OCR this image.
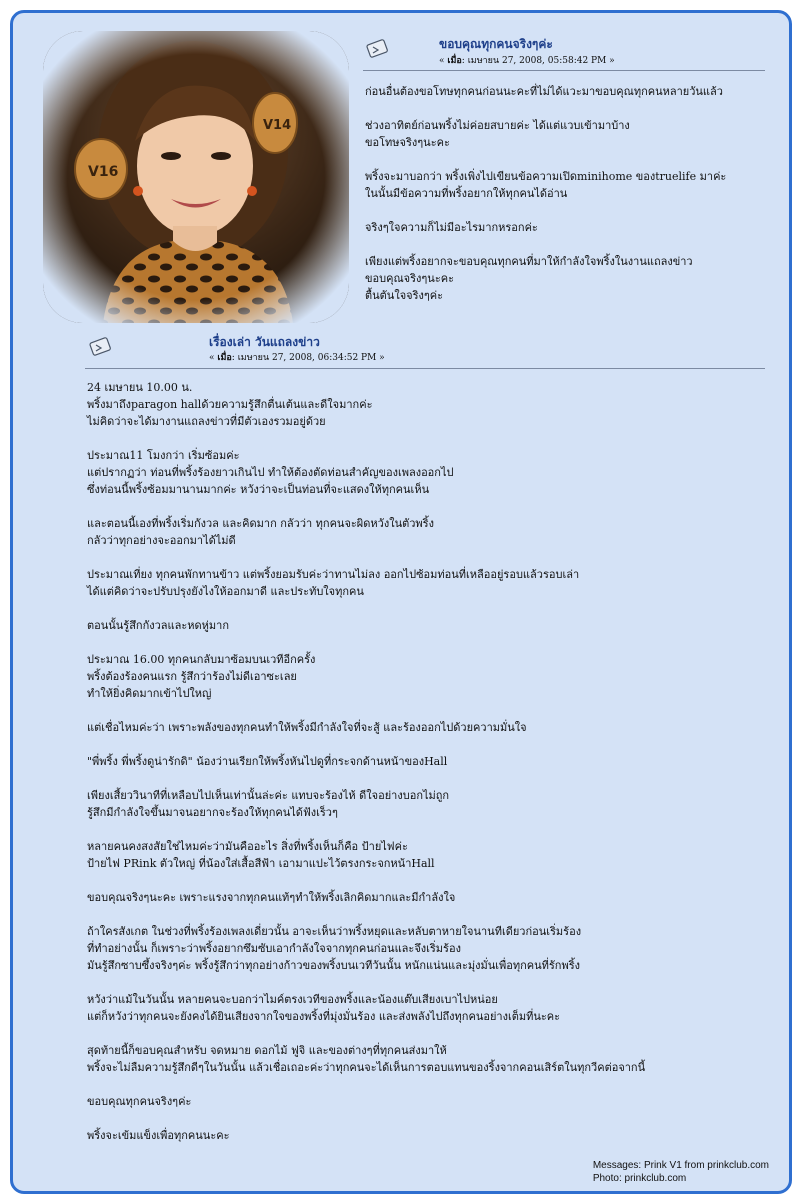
ขอบคุณทุกคนจริงๆค่ะ
« เมื่อ: เมษายน 27, 2008, 05:58:42 PM »
ก่อนอื่นต้องขอโทษทุกคนก่อนนะคะที่ไม่ได้แวะมาขอบคุณทุกคนหลายวันแล้ว

ช่วงอาทิตย์ก่อนพริ้งไม่ค่อยสบายค่ะ ได้แต่แวบเข้ามาบ้าง
ขอโทษจริงๆนะคะ

พริ้งจะมาบอกว่า พริ้งเพิ่งไปเขียนข้อความเปิดminihome ของtruelife มาค่ะ
ในนั้นมีข้อความที่พริ้งอยากให้ทุกคนได้อ่าน

จริงๆใจความก็ไม่มีอะไรมากหรอกค่ะ

เพียงแต่พริ้งอยากจะขอบคุณทุกคนที่มาให้กำลังใจพริ้งในงานแถลงข่าว
ขอบคุณจริงๆนะคะ
ตื้นตันใจจริงๆค่ะ
เรื่องเล่า วันแถลงข่าว
« เมื่อ: เมษายน 27, 2008, 06:34:52 PM »
24 เมษายน 10.00 น.
พริ้งมาถึงparagon hallด้วยความรู้สึกตื่นเต้นและดีใจมากค่ะ
ไม่คิดว่าจะได้มางานแถลงข่าวที่มีตัวเองรวมอยู่ด้วย

ประมาณ11 โมงกว่า เริ่มซ้อมค่ะ
แต่ปรากฏว่า ท่อนที่พริ้งร้องยาวเกินไป ทำให้ต้องตัดท่อนสำคัญของเพลงออกไป
ซึ่งท่อนนี้พริ้งซ้อมมานานมากค่ะ หวังว่าจะเป็นท่อนที่จะแสดงให้ทุกคนเห็น

และตอนนี้เองที่พริ้งเริ่มกังวล และคิดมาก กลัวว่า ทุกคนจะผิดหวังในตัวพริ้ง
กลัวว่าทุกอย่างจะออกมาได้ไม่ดี

ประมาณเที่ยง ทุกคนพักทานข้าว แต่พริ้งยอมรับค่ะว่าทานไม่ลง ออกไปซ้อมท่อนที่เหลืออยู่รอบแล้วรอบเล่า
ได้แต่คิดว่าจะปรับปรุงยังไงให้ออกมาดี และประทับใจทุกคน

ตอนนั้นรู้สึกกังวลและหดหู่มาก

ประมาณ 16.00 ทุกคนกลับมาซ้อมบนเวทีอีกครั้ง
พริ้งต้องร้องคนแรก รู้สึกว่าร้องไม่ดีเอาซะเลย
ทำให้ยิ่งคิดมากเข้าไปใหญ่

แต่เชื่อไหมค่ะว่า เพราะพลังของทุกคนทำให้พริ้งมีกำลังใจที่จะสู้ และร้องออกไปด้วยความมั่นใจ

"พี่พริ้ง พี่พริ้งดูน่ารักดิ" น้องว่านเรียกให้พริ้งหันไปดูที่กระจกด้านหน้าของHall

เพียงเสี้ยววินาทีที่เหลือบไปเห็นเท่านั้นล่ะค่ะ แทบจะร้องไห้ ดีใจอย่างบอกไม่ถูก
รู้สึกมีกำลังใจขึ้นมาจนอยากจะร้องให้ทุกคนได้ฟังเร็วๆ

หลายคนคงสงสัยใช่ไหมค่ะว่ามันคืออะไร สิ่งที่พริ้งเห็นก็คือ ป้ายไฟค่ะ
ป้ายไฟ PRink ตัวใหญ่ ที่น้องใส่เสื้อสีฟ้า เอามาแปะไว้ตรงกระจกหน้าHall

ขอบคุณจริงๆนะคะ เพราะแรงจากทุกคนแท้ๆทำให้พริ้งเลิกคิดมากและมีกำลังใจ

ถ้าใครสังเกต ในช่วงที่พริ้งร้องเพลงเดี่ยวนั้น อาจะเห็นว่าพริ้งหยุดและหลับตาหายใจนานทีเดียวก่อนเริ่มร้อง
ที่ทำอย่างนั้น ก็เพราะว่าพริ้งอยากซึมซับเอากำลังใจจากทุกคนก่อนและจึงเริ่มร้อง
มันรู้สึกซาบซึ้งจริงๆค่ะ พริ้งรู้สึกว่าทุกอย่างก้าวของพริ้งบนเวทีวันนั้น หนักแน่นและมุ่งมั่นเพื่อทุกคนที่รักพริ้ง

หวังว่าแม้ในวันนั้น หลายคนจะบอกว่าไมค์ตรงเวทีของพริ้งและน้องแต๊บเสียงเบาไปหน่อย
แต่ก็หวังว่าทุกคนจะยังคงได้ยินเสียงจากใจของพริ้งที่มุ่งมั่นร้อง และส่งพลังไปถึงทุกคนอย่างเต็มที่นะคะ

สุดท้ายนี้ก็ขอบคุณสำหรับ จดหมาย ดอกไม้ ฟูจิ และของต่างๆที่ทุกคนส่งมาให้
พริ้งจะไม่ลืมความรู้สึกดีๆในวันนั้น แล้วเชื่อเถอะค่ะว่าทุกคนจะได้เห็นการตอบแทนของริ้งจากคอนเสิร์ตในทุกวีคต่อจากนี้

ขอบคุณทุกคนจริงๆค่ะ

พริ้งจะเข้มแข็งเพื่อทุกคนนะคะ
Messages: Prink V1 from prinkclub.com
Photo: prinkclub.com
